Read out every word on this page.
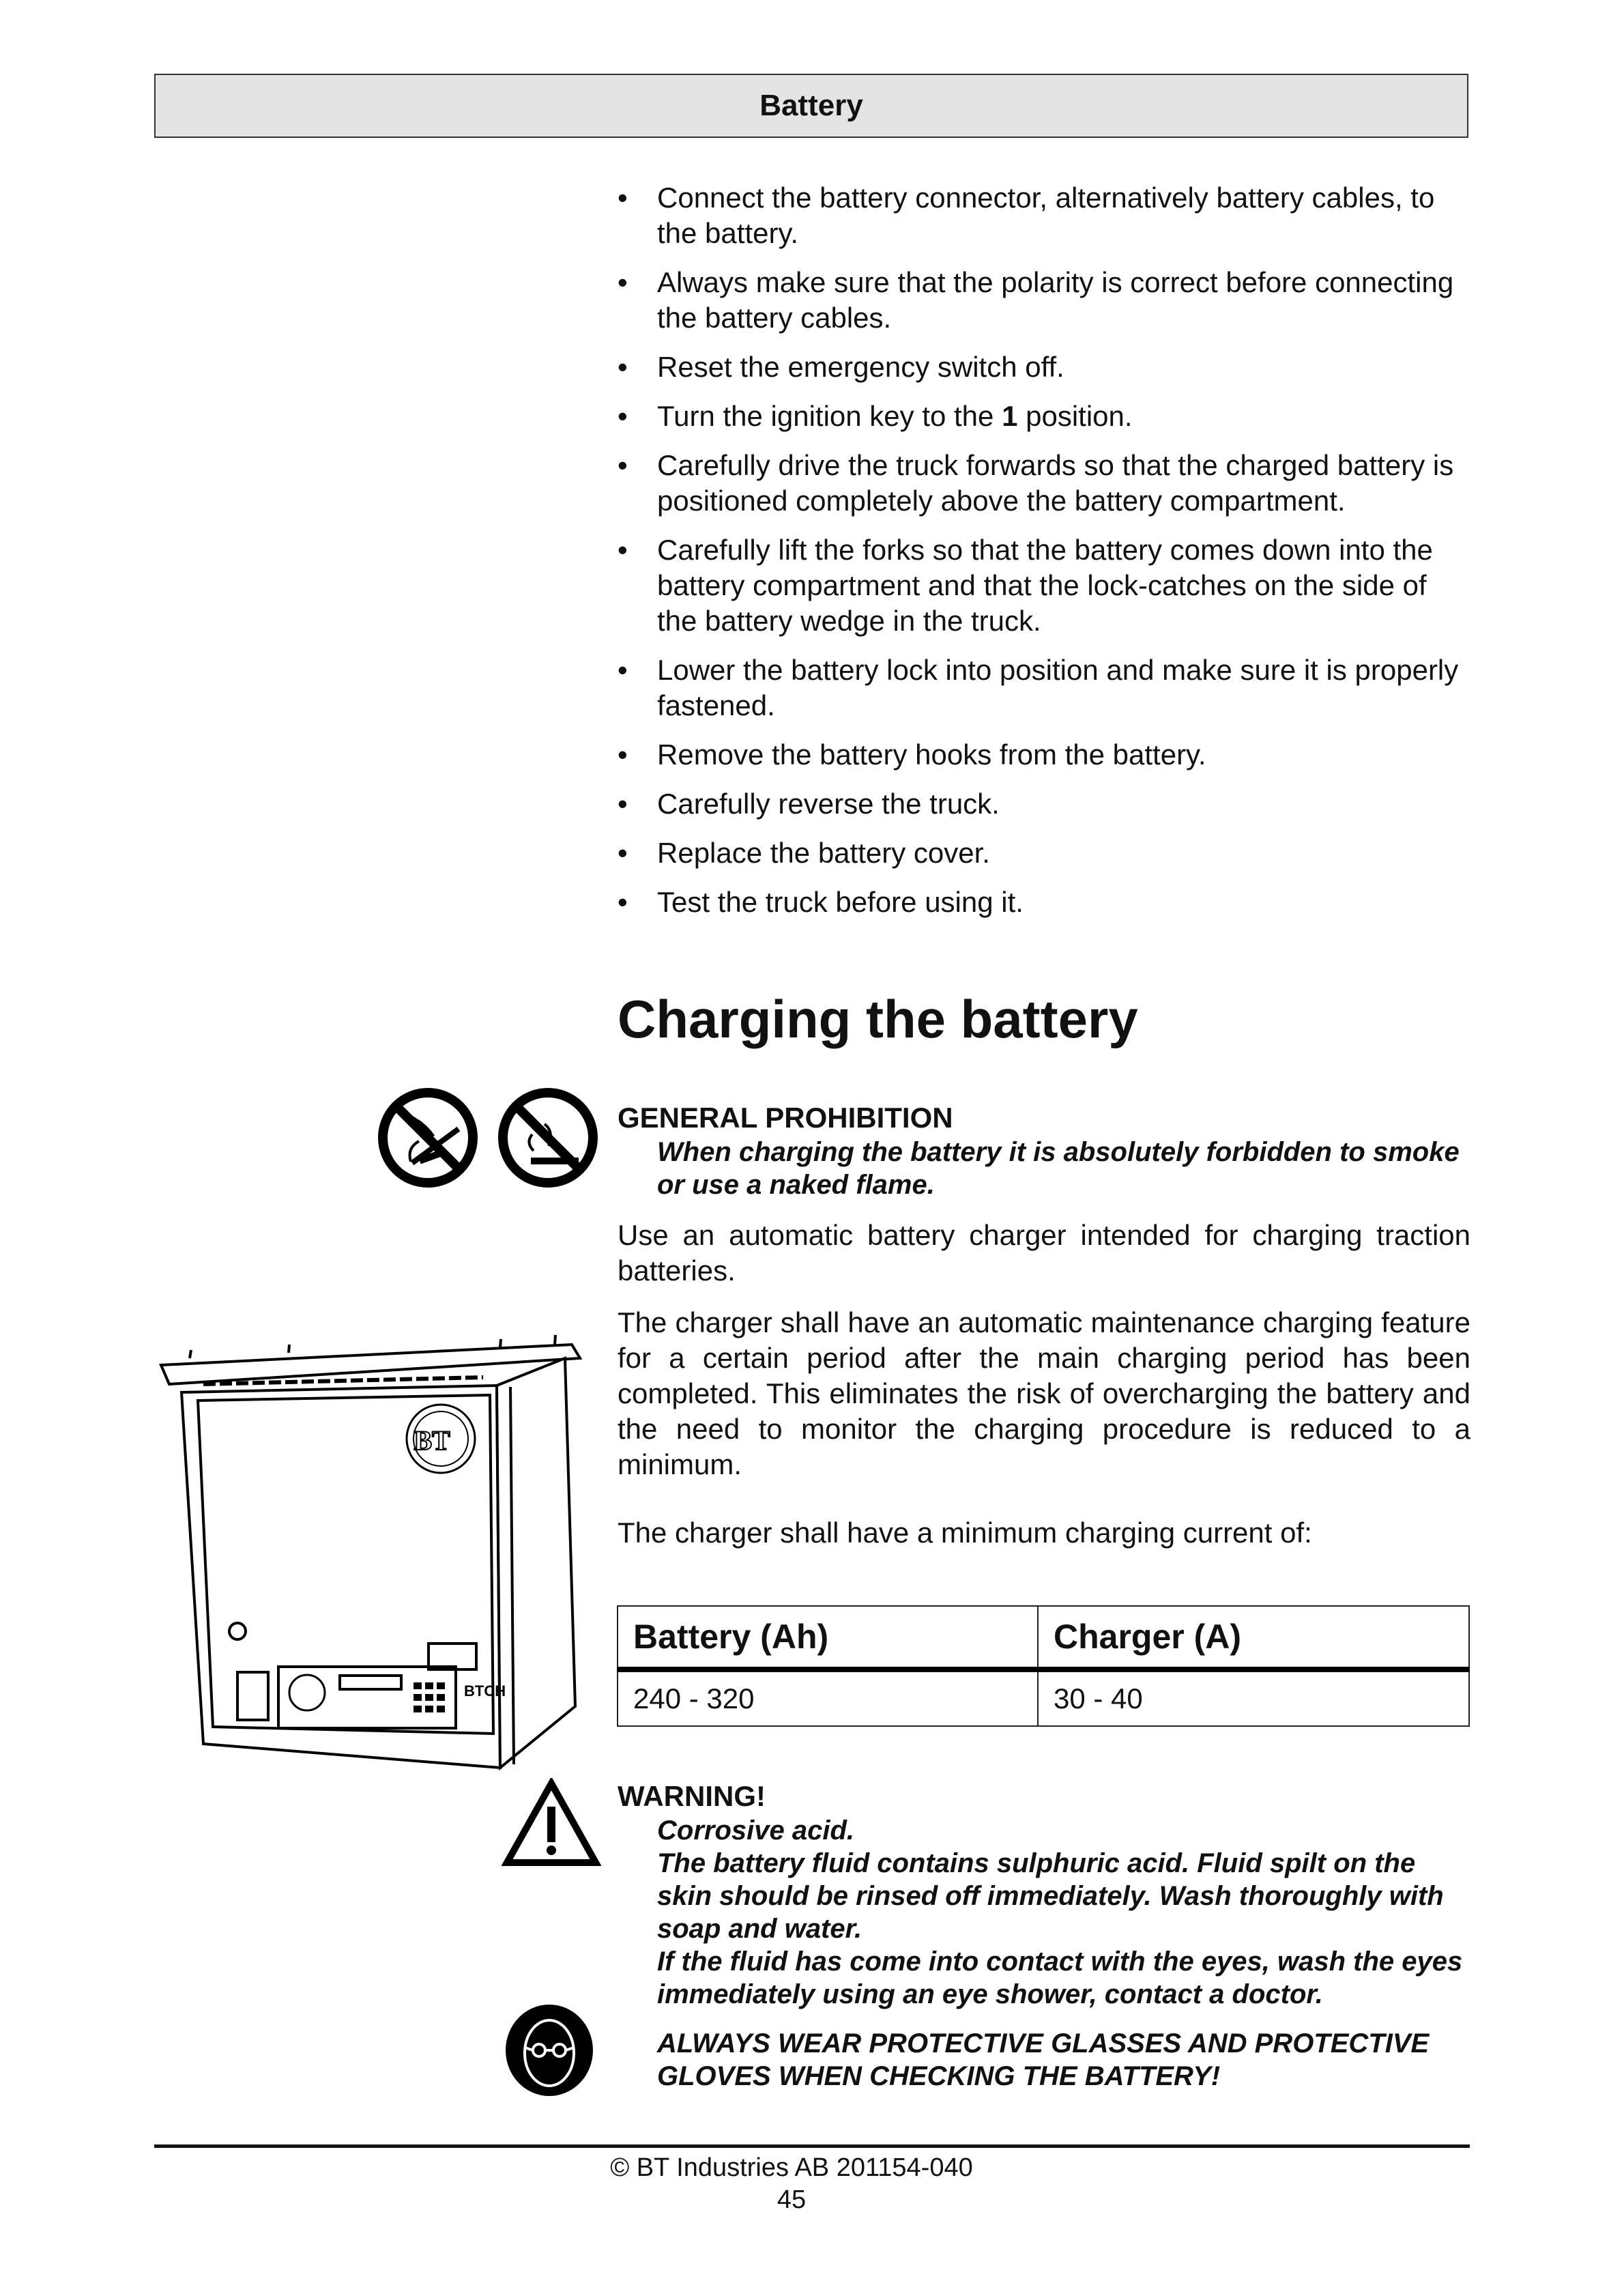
Battery
•	Connect the battery connector, alternatively battery cables, to the battery.
•	Always make sure that the polarity is correct before connecting the battery cables.
•	Reset the emergency switch off.
•	Turn the ignition key to the 1 position.
•	Carefully drive the truck forwards so that the charged battery is positioned completely above the battery compartment.
•	Carefully lift the forks so that the battery comes down into the battery compartment and that the lock-catches on the side of the battery wedge in the truck.
•	Lower the battery lock into position and make sure it is properly fastened.
•	Remove the battery hooks from the battery.
•	Carefully reverse the truck.
•	Replace the battery cover.
•	Test the truck before using it.
Charging the battery
GENERAL PROHIBITION
When charging the battery it is absolutely forbidden to smoke or use a naked flame.
Use an automatic battery charger intended for charging traction batteries.
The charger shall have an automatic maintenance charging feature for a certain period after the main charging period has been completed. This eliminates the risk of overcharging the battery and the need to monitor the charging procedure is reduced to a minimum.
The charger shall have a minimum charging current of:
BT
BTCH
Battery (Ah)	Charger (A)
240 - 320	30 - 40
WARNING!
Corrosive acid.
The battery fluid contains sulphuric acid. Fluid spilt on the skin should be rinsed off immediately. Wash thoroughly with soap and water.
If the fluid has come into contact with the eyes, wash the eyes immediately using an eye shower, contact a doctor.
ALWAYS WEAR PROTECTIVE GLASSES AND PROTECTIVE GLOVES WHEN CHECKING THE BATTERY!
© BT Industries AB 201154-040
45
